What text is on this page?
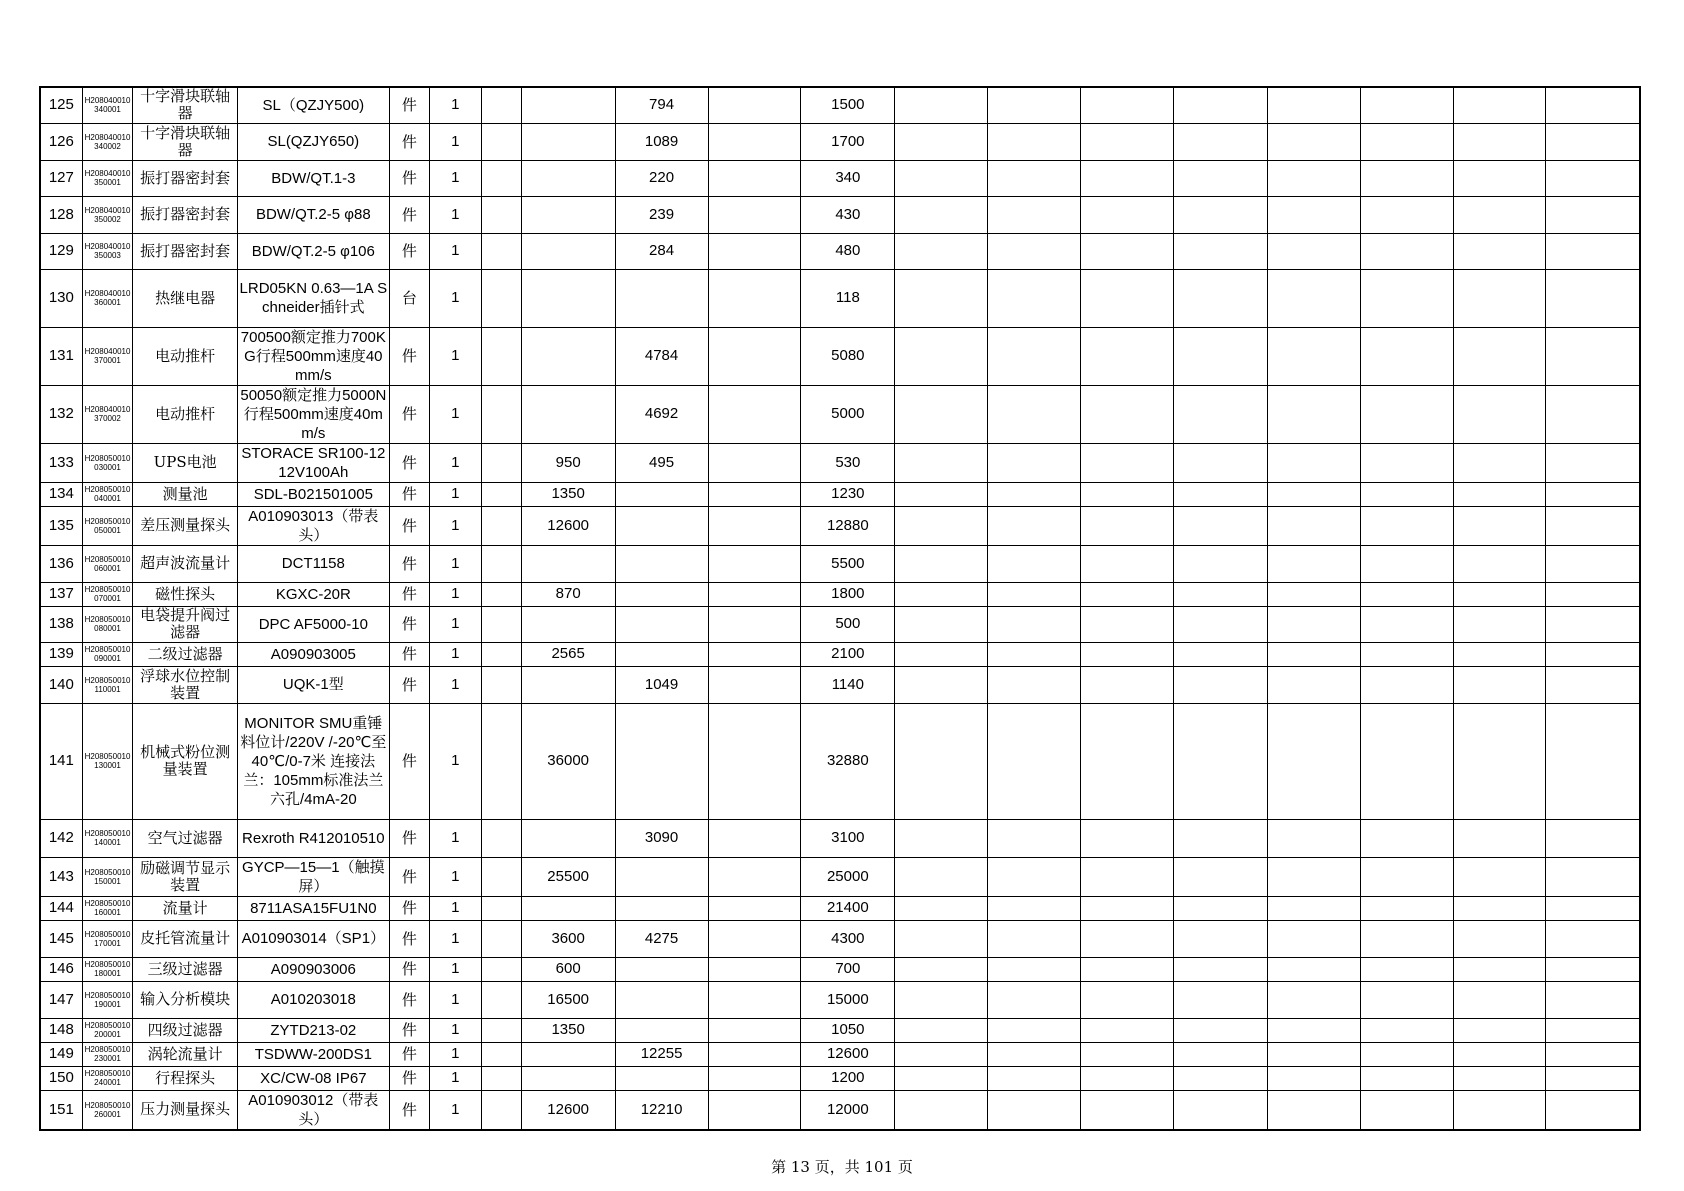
125	H208040010340001	十字滑块联轴器	SL（QZJY500)	件	1			794		1500								
126	H208040010340002	十字滑块联轴器	SL(QZJY650)	件	1			1089		1700								
127	H208040010350001	振打器密封套	BDW/QT.1-3	件	1			220		340								
128	H208040010350002	振打器密封套	BDW/QT.2-5 φ88	件	1			239		430								
129	H208040010350003	振打器密封套	BDW/QT.2-5 φ106	件	1			284		480								
130	H208040010360001	热继电器	LRD05KN 0.63—1A Schneider插针式	台	1					118								
131	H208040010370001	电动推杆	700500额定推力700KG行程500mm速度40mm/s	件	1			4784		5080								
132	H208040010370002	电动推杆	50050额定推力5000N行程500mm速度40mm/s	件	1			4692		5000								
133	H208050010030001	UPS电池	STORACE SR100-12 12V100Ah	件	1		950	495		530								
134	H208050010040001	测量池	SDL-B021501005	件	1		1350			1230								
135	H208050010050001	差压测量探头	A010903013（带表头）	件	1		12600			12880								
136	H208050010060001	超声波流量计	DCT1158	件	1					5500								
137	H208050010070001	磁性探头	KGXC-20R	件	1		870			1800								
138	H208050010080001	电袋提升阀过滤器	DPC AF5000-10	件	1					500								
139	H208050010090001	二级过滤器	A090903005	件	1		2565			2100								
140	H208050010110001	浮球水位控制装置	UQK-1型	件	1			1049		1140								
141	H208050010130001	机械式粉位测量装置	MONITOR SMU重锤料位计/220V /-20℃至40℃/0-7米 连接法兰：105mm标准法兰六孔/4mA-20	件	1		36000			32880								
142	H208050010140001	空气过滤器	Rexroth R412010510	件	1			3090		3100								
143	H208050010150001	励磁调节显示装置	GYCP—15—1（触摸屏）	件	1		25500			25000								
144	H208050010160001	流量计	8711ASA15FU1N0	件	1					21400								
145	H208050010170001	皮托管流量计	A010903014（SP1）	件	1		3600	4275		4300								
146	H208050010180001	三级过滤器	A090903006	件	1		600			700								
147	H208050010190001	输入分析模块	A010203018	件	1		16500			15000								
148	H208050010200001	四级过滤器	ZYTD213-02	件	1		1350			1050								
149	H208050010230001	涡轮流量计	TSDWW-200DS1	件	1			12255		12600								
150	H208050010240001	行程探头	XC/CW-08 IP67	件	1					1200								
151	H208050010260001	压力测量探头	A010903012（带表头）	件	1		12600	12210		12000								
第 13 页，共 101 页
